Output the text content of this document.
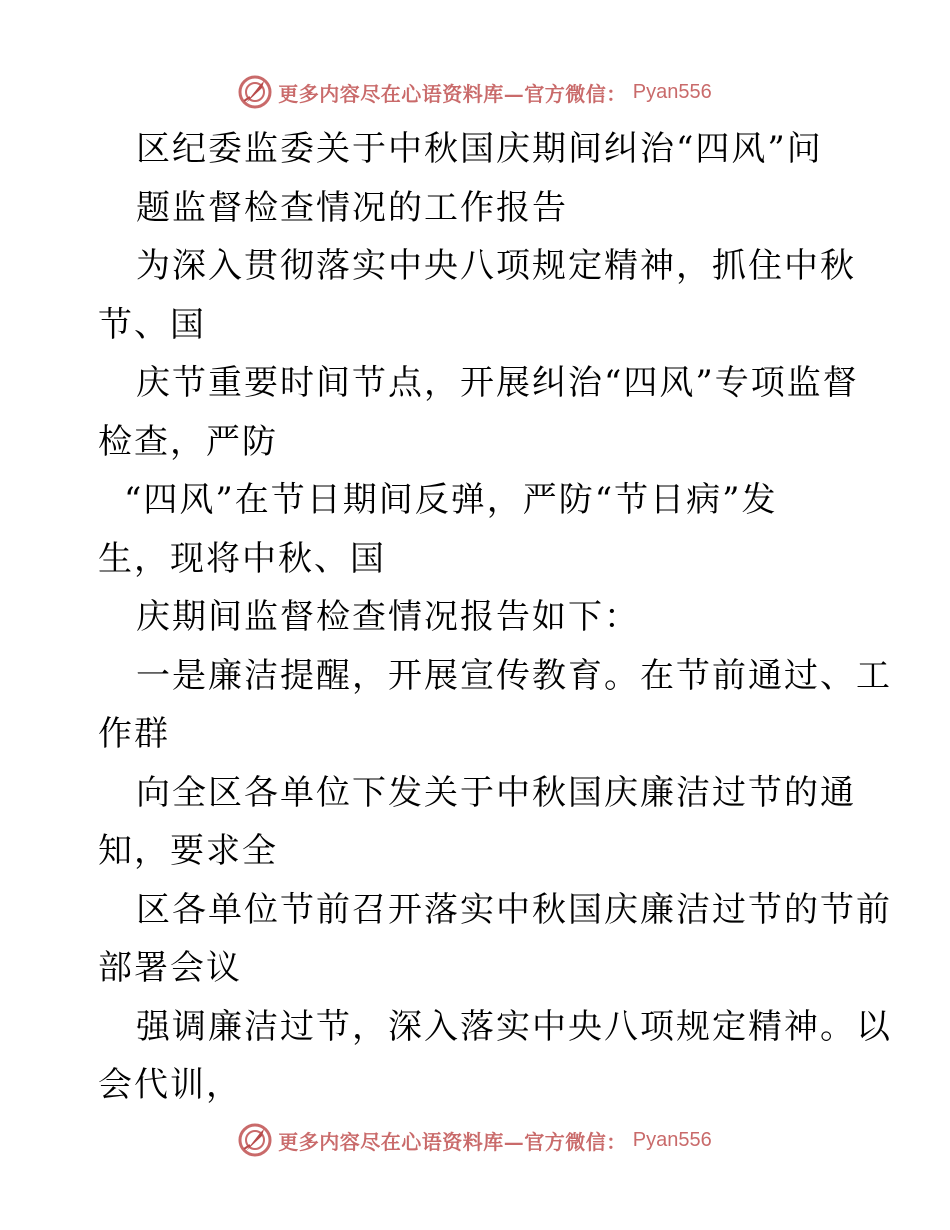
更多内容尽在心语资料库—官方微信： Pyan556
区纪委监委关于中秋国庆期间纠治“四风”问
题监督检查情况的工作报告
为深入贯彻落实中央八项规定精神，抓住中秋
节、国
庆节重要时间节点，开展纠治“四风”专项监督
检查，严防
“四风”在节日期间反弹，严防“节日病”发
生，现将中秋、国
庆期间监督检查情况报告如下：
一是廉洁提醒，开展宣传教育。在节前通过、工
作群
向全区各单位下发关于中秋国庆廉洁过节的通
知，要求全
区各单位节前召开落实中秋国庆廉洁过节的节前
部署会议
强调廉洁过节，深入落实中央八项规定精神。以
会代训，
更多内容尽在心语资料库—官方微信： Pyan556
